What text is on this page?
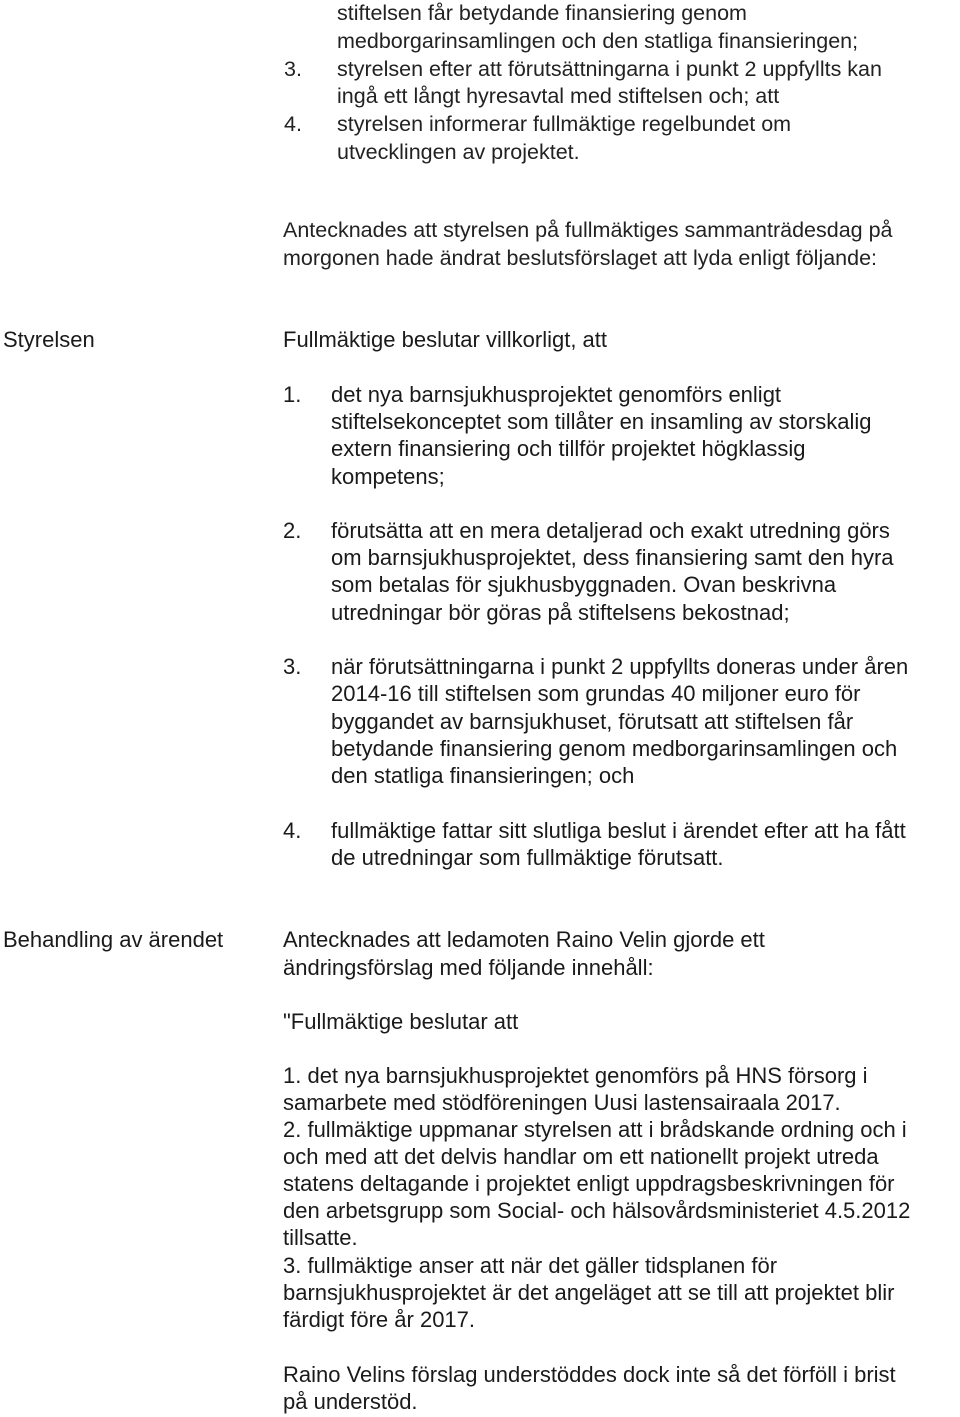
stiftelsen får betydande finansiering genom

medborgarinsamlingen och den statliga finansieringen;

3. styrelsen efter att förutsättningarna i punkt 2 uppfyllts kan

ingå ett långt hyresavtal med stiftelsen och; att

4. styrelsen informerar fullmäktige regelbundet om

utvecklingen av projektet.

Antecknades att styrelsen på fullmäktiges sammanträdesdag på

morgonen hade ändrat beslutsförslaget att lyda enligt följande:

Styrelsen	Fullmäktige beslutar villkorligt, att

1. det nya barnsjukhusprojektet genomförs enligt

stiftelsekonceptet som tillåter en insamling av storskalig

extern finansiering och tillför projektet högklassig

kompetens;

2. förutsätta att en mera detaljerad och exakt utredning görs

om barnsjukhusprojektet, dess finansiering samt den hyra

som betalas för sjukhusbyggnaden. Ovan beskrivna

utredningar bör göras på stiftelsens bekostnad;

3. när förutsättningarna i punkt 2 uppfyllts doneras under åren

2014-16 till stiftelsen som grundas 40 miljoner euro för

byggandet av barnsjukhuset, förutsatt att stiftelsen får

betydande finansiering genom medborgarinsamlingen och

den statliga finansieringen; och

4. fullmäktige fattar sitt slutliga beslut i ärendet efter att ha fått

de utredningar som fullmäktige förutsatt.

Behandling av ärendet	Antecknades att ledamoten Raino Velin gjorde ett

ändringsförslag med följande innehåll:

"Fullmäktige beslutar att

1. det nya barnsjukhusprojektet genomförs på HNS försorg i

samarbete med stödföreningen Uusi lastensairaala 2017.

2. fullmäktige uppmanar styrelsen att i brådskande ordning och i

och med att det delvis handlar om ett nationellt projekt utreda

statens deltagande i projektet enligt uppdragsbeskrivningen för

den arbetsgrupp som Social- och hälsovårdsministeriet 4.5.2012

tillsatte.

3. fullmäktige anser att när det gäller tidsplanen för

barnsjukhusprojektet är det angeläget att se till att projektet blir

färdigt före år 2017.

Raino Velins förslag understöddes dock inte så det förföll i brist

på understöd.
